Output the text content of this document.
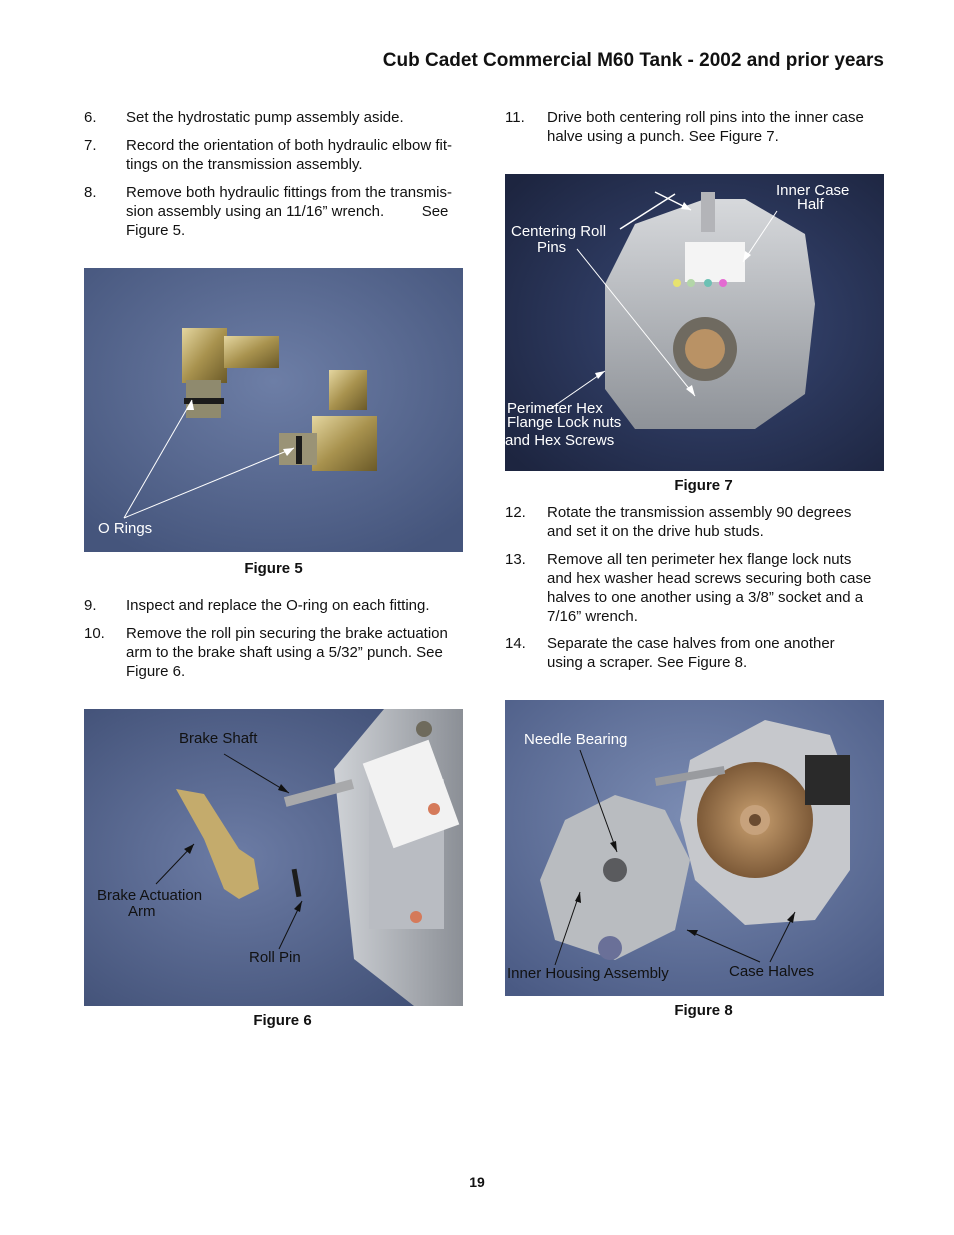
Cub Cadet Commercial M60 Tank - 2002 and prior years
6. Set the hydrostatic pump assembly aside.
7. Record the orientation of both hydraulic elbow fit-
tings on the transmission assembly.
8. Remove both hydraulic fittings from the transmis-
sion assembly using an 11/16” wrench.         See
Figure 5.
O Rings
Figure 5
9. Inspect and replace the O-ring on each fitting.
10. Remove the roll pin securing the brake actuation
arm to the brake shaft using a 5/32” punch. See
Figure 6.
Brake Shaft
Brake Actuation
Arm
Roll Pin
Figure 6
11. Drive both centering roll pins into the inner case
halve using a punch. See Figure 7.
Inner Case
Half
Centering Roll
Pins
Perimeter Hex
Flange Lock nuts
and Hex Screws
Figure 7
12. Rotate the transmission assembly 90 degrees
and set it on the drive hub studs.
13. Remove all ten perimeter hex flange lock nuts
and hex washer head screws securing both case
halves to one another using a 3/8” socket and a
7/16” wrench.
14. Separate the case halves from one another
using a scraper. See Figure 8.
Needle Bearing
Inner Housing Assembly	Case Halves
Figure 8
19
